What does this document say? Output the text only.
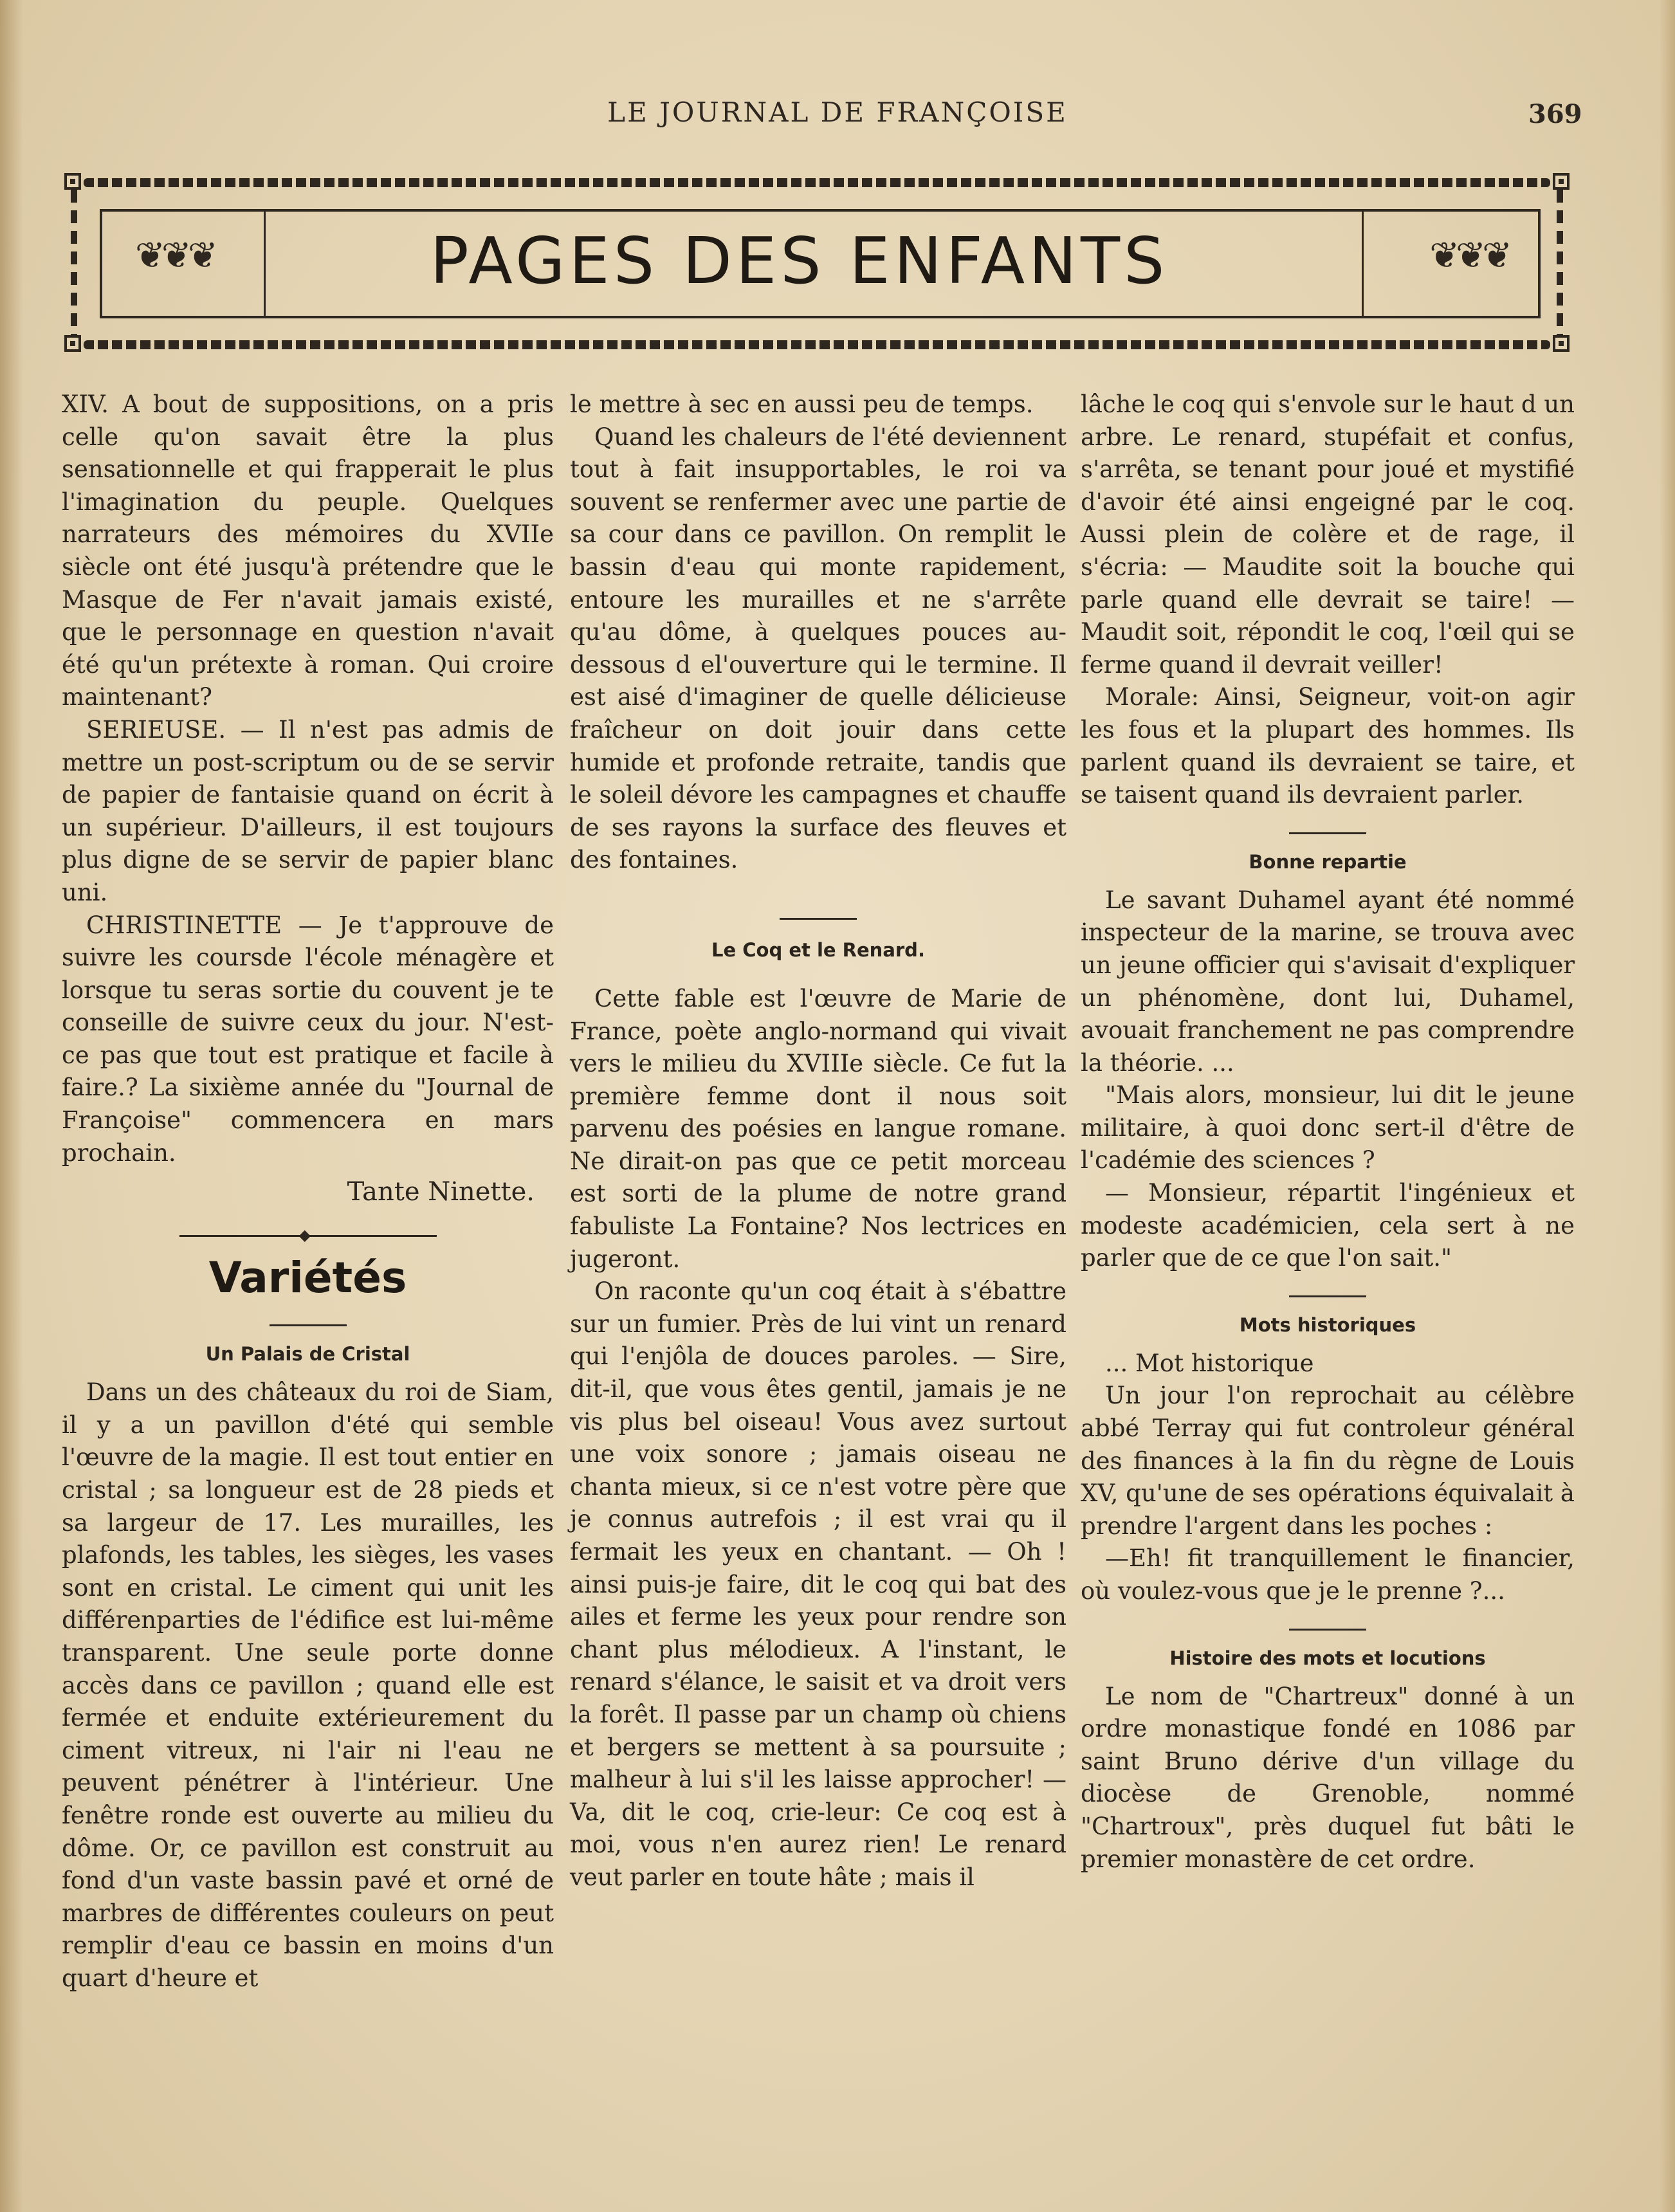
LE JOURNAL DE FRANÇOISE	369
❦❦❦	❦❦❦
PAGES DES ENFANTS

XIV. A bout de suppositions, on a pris celle qu'on savait être la plus sensationnelle et qui frapperait le plus l'imagination du peuple. Quelques narrateurs des mémoires du XVIIe siècle ont été jusqu'à prétendre que le Masque de Fer n'avait jamais existé, que le personnage en question n'avait été qu'un prétexte à roman. Qui croire maintenant?

SERIEUSE. — Il n'est pas admis de mettre un post-scriptum ou de se servir de papier de fantaisie quand on écrit à un supérieur. D'ailleurs, il est toujours plus digne de se servir de papier blanc uni.

CHRISTINETTE — Je t'approuve de suivre les coursde l'école ménagère et lorsque tu seras sortie du couvent je te conseille de suivre ceux du jour. N'est-ce pas que tout est pratique et facile à faire.? La sixième année du "Journal de Françoise" commencera en mars prochain.

Tante Ninette.
◆
Variétés
Un Palais de Cristal

Dans un des châteaux du roi de Siam, il y a un pavillon d'été qui semble l'œuvre de la magie. Il est tout entier en cristal ; sa longueur est de 28 pieds et sa largeur de 17. Les murailles, les plafonds, les tables, les sièges, les vases sont en cristal. Le ciment qui unit les différenparties de l'édifice est lui-même transparent. Une seule porte donne accès dans ce pavillon ; quand elle est fermée et enduite extérieurement du ciment vitreux, ni l'air ni l'eau ne peuvent pénétrer à l'intérieur. Une fenêtre ronde est ouverte au milieu du dôme. Or, ce pavillon est construit au fond d'un vaste bassin pavé et orné de marbres de différentes couleurs on peut remplir d'eau ce bassin en moins d'un quart d'heure et

le mettre à sec en aussi peu de temps.

Quand les chaleurs de l'été deviennent tout à fait insupportables, le roi va souvent se renfermer avec une partie de sa cour dans ce pavillon. On remplit le bassin d'eau qui monte rapidement, entoure les murailles et ne s'arrête qu'au dôme, à quelques pouces au-dessous d el'ouverture qui le termine. Il est aisé d'imaginer de quelle délicieuse fraîcheur on doit jouir dans cette humide et profonde retraite, tandis que le soleil dévore les campagnes et chauffe de ses rayons la surface des fleuves et des fontaines.

Le Coq et le Renard.

Cette fable est l'œuvre de Marie de France, poète anglo-normand qui vivait vers le milieu du XVIIIe siècle. Ce fut la première femme dont il nous soit parvenu des poésies en langue romane. Ne dirait-on pas que ce petit morceau est sorti de la plume de notre grand fabuliste La Fontaine? Nos lectrices en jugeront.

On raconte qu'un coq était à s'ébattre sur un fumier. Près de lui vint un renard qui l'enjôla de douces paroles. — Sire, dit-il, que vous êtes gentil, jamais je ne vis plus bel oiseau! Vous avez surtout une voix sonore ; jamais oiseau ne chanta mieux, si ce n'est votre père que je connus autrefois ; il est vrai qu il fermait les yeux en chantant. — Oh ! ainsi puis-je faire, dit le coq qui bat des ailes et ferme les yeux pour rendre son chant plus mélodieux. A l'instant, le renard s'élance, le saisit et va droit vers la forêt. Il passe par un champ où chiens et bergers se mettent à sa poursuite ; malheur à lui s'il les laisse approcher! — Va, dit le coq, crie-leur: Ce coq est à moi, vous n'en aurez rien! Le renard veut parler en toute hâte ; mais il

lâche le coq qui s'envole sur le haut d un arbre. Le renard, stupéfait et confus, s'arrêta, se tenant pour joué et mystifié d'avoir été ainsi engeigné par le coq. Aussi plein de colère et de rage, il s'écria: — Maudite soit la bouche qui parle quand elle devrait se taire! — Maudit soit, répondit le coq, l'œil qui se ferme quand il devrait veiller!

Morale: Ainsi, Seigneur, voit-on agir les fous et la plupart des hommes. Ils parlent quand ils devraient se taire, et se taisent quand ils devraient parler.

Bonne repartie

Le savant Duhamel ayant été nommé inspecteur de la marine, se trouva avec un jeune officier qui s'avisait d'expliquer un phénomène, dont lui, Duhamel, avouait franchement ne pas comprendre la théorie. ...

"Mais alors, monsieur, lui dit le jeune militaire, à quoi donc sert-il d'être de l'cadémie des sciences ?

— Monsieur, répartit l'ingénieux et modeste académicien, cela sert à ne parler que de ce que l'on sait."

Mots historiques

... Mot historique

Un jour l'on reprochait au célèbre abbé Terray qui fut controleur général des finances à la fin du règne de Louis XV, qu'une de ses opérations équivalait à prendre l'argent dans les poches :

—Eh! fit tranquillement le financier, où voulez-vous que je le prenne ?...

Histoire des mots et locutions

Le nom de "Chartreux" donné à un ordre monastique fondé en 1086 par saint Bruno dérive d'un village du diocèse de Grenoble, nommé "Chartroux", près duquel fut bâti le premier monastère de cet ordre.
